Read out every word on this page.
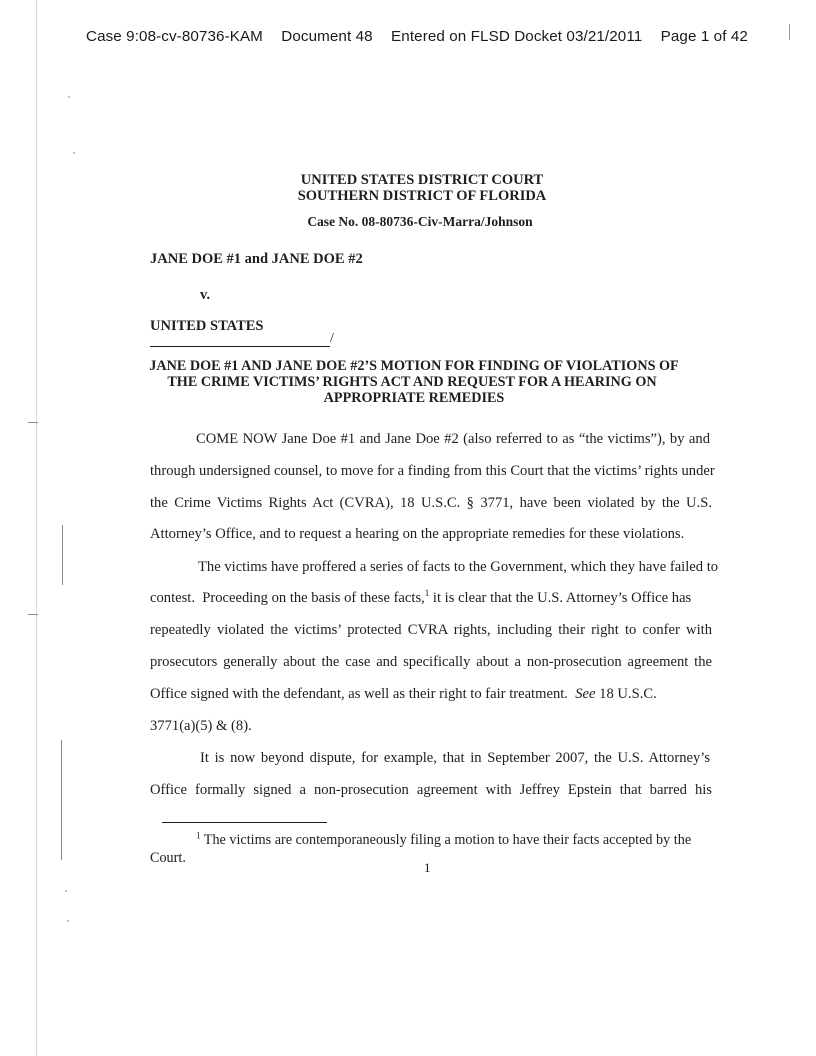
Case 9:08-cv-80736-KAM Document 48 Entered on FLSD Docket 03/21/2011 Page 1 of 42
UNITED STATES DISTRICT COURT
SOUTHERN DISTRICT OF FLORIDA
Case No. 08-80736-Civ-Marra/Johnson
JANE DOE #1 and JANE DOE #2
v.
UNITED STATES
/
JANE DOE #1 AND JANE DOE #2’S MOTION FOR FINDING OF VIOLATIONS OF
THE CRIME VICTIMS’ RIGHTS ACT AND REQUEST FOR A HEARING ON
APPROPRIATE REMEDIES
COME NOW Jane Doe #1 and Jane Doe #2 (also referred to as “the victims”), by and
through undersigned counsel, to move for a finding from this Court that the victims’ rights under
the Crime Victims Rights Act (CVRA), 18 U.S.C. § 3771, have been violated by the U.S.
Attorney’s Office, and to request a hearing on the appropriate remedies for these violations.
The victims have proffered a series of facts to the Government, which they have failed to
contest.  Proceeding on the basis of these facts,$^1$ it is clear that the U.S. Attorney’s Office has
repeatedly violated the victims’ protected CVRA rights, including their right to confer with
prosecutors generally about the case and specifically about a non-prosecution agreement the
Office signed with the defendant, as well as their right to fair treatment.  See 18 U.S.C.
3771(a)(5) & (8).
It is now beyond dispute, for example, that in September 2007, the U.S. Attorney’s
Office formally signed a non-prosecution agreement with Jeffrey Epstein that barred his
$^1$ The victims are contemporaneously filing a motion to have their facts accepted by the
Court.
1
